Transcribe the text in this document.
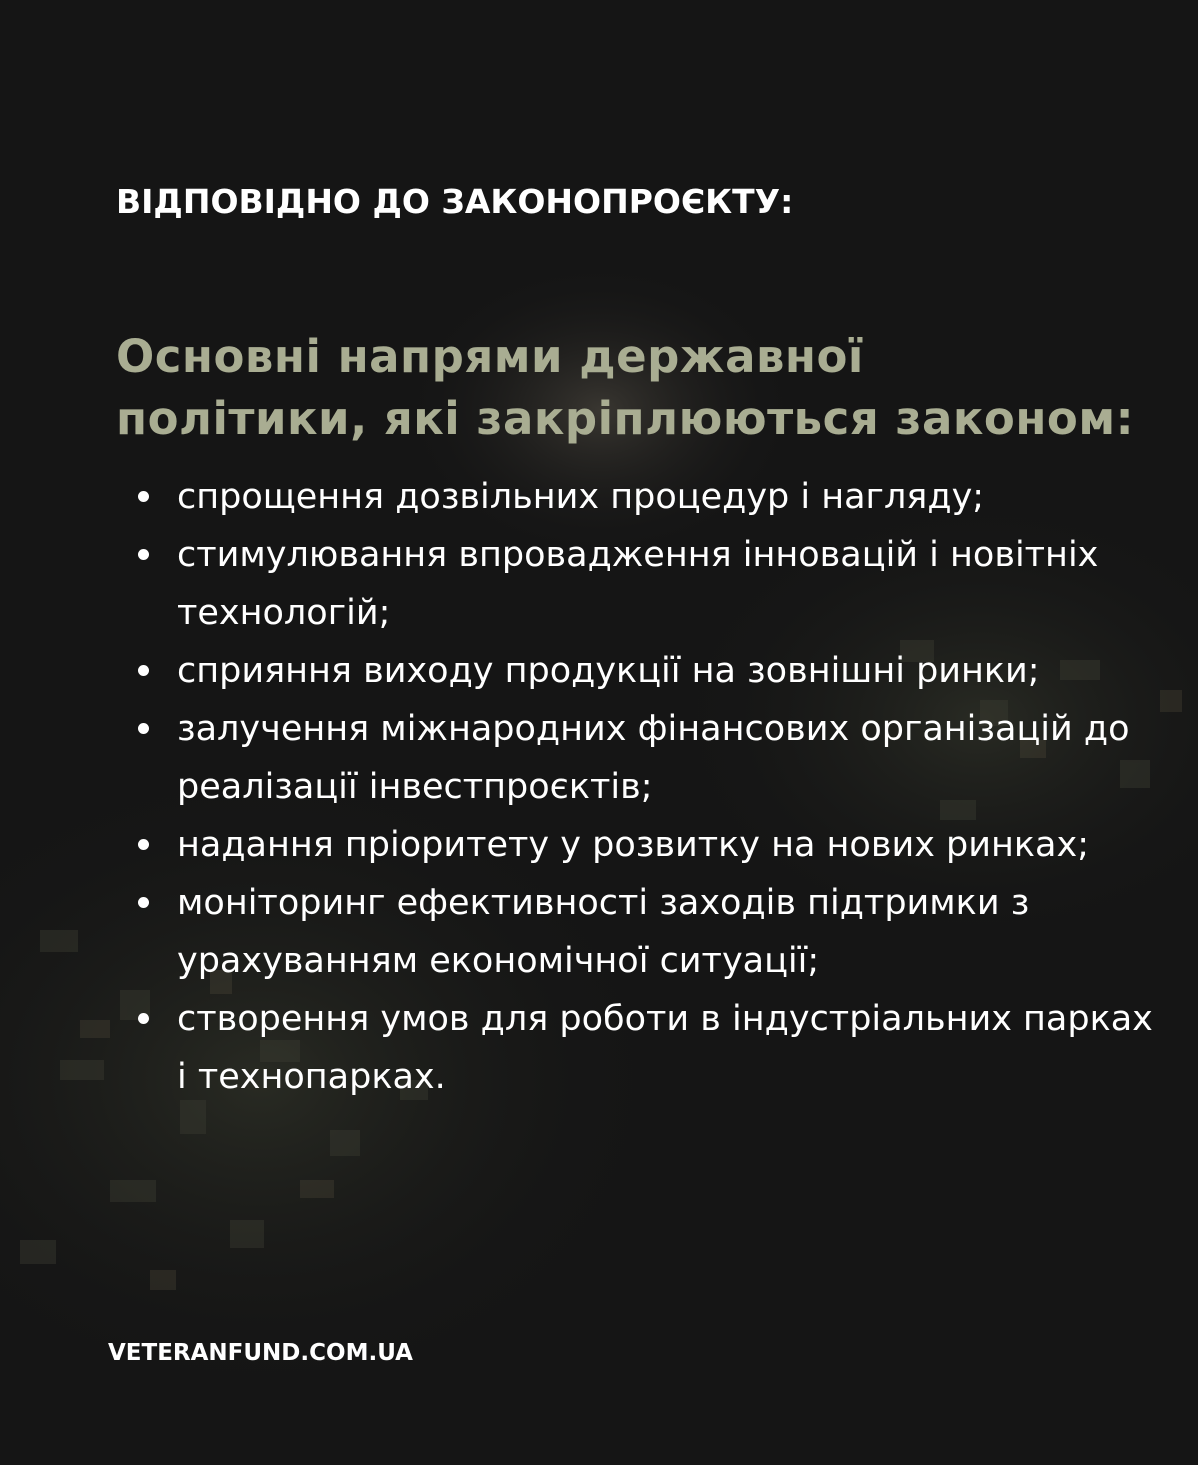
ВІДПОВІДНО ДО ЗАКОНОПРОЄКТУ:

Основні напрями державної
політики, які закріплюються законом:
спрощення дозвільних процедур і нагляду;
стимулювання впровадження інновацій і новітніх технологій;
сприяння виходу продукції на зовнішні ринки;
залучення міжнародних фінансових організацій до реалізації інвестпроєктів;
надання пріоритету у розвитку на нових ринках;
моніторинг ефективності заходів підтримки з урахуванням економічної ситуації;
створення умов для роботи в індустріальних парках і технопарках.

VETERANFUND.COM.UA
